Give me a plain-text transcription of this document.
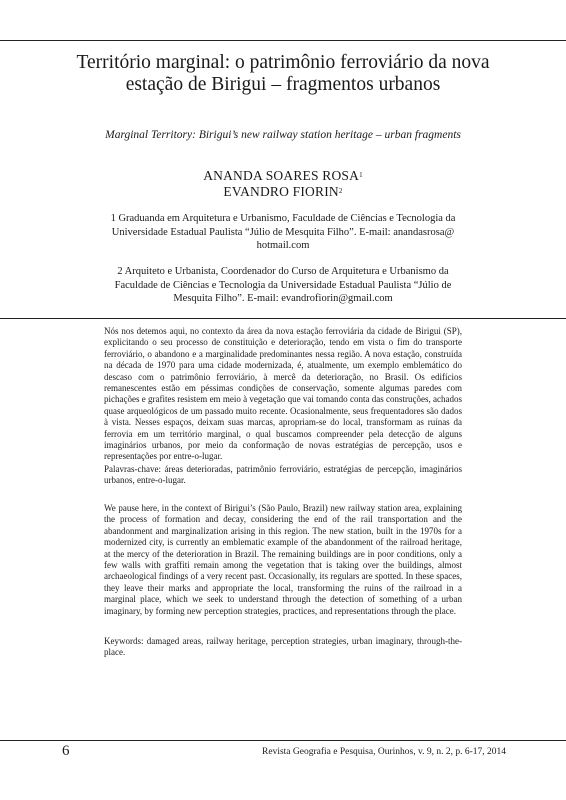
Território marginal: o patrimônio ferroviário da nova estação de Birigui – fragmentos urbanos

Marginal Territory: Birigui’s new railway station heritage – urban fragments

ANANDA SOARES ROSA$^1$
EVANDRO FIORIN$^2$

1 Graduanda em Arquitetura e Urbanismo, Faculdade de Ciências e Tecnologia da Universidade Estadual Paulista “Júlio de Mesquita Filho”. E-mail: anandasrosa@ hotmail.com

2 Arquiteto e Urbanista, Coordenador do Curso de Arquitetura e Urbanismo da Faculdade de Ciências e Tecnologia da Universidade Estadual Paulista “Júlio de Mesquita Filho”. E-mail: evandrofiorin@gmail.com

Nós nos detemos aqui, no contexto da área da nova estação ferroviária da cidade de Birigui (SP), explicitando o seu processo de constituição e deterioração, tendo em vista o fim do transporte ferroviário, o abandono e a marginalidade predominantes nessa região. A nova estação, construída na década de 1970 para uma cidade modernizada, é, atualmente, um exemplo emblemático do descaso com o patrimônio ferroviário, à mercê da deterioração, no Brasil. Os edifícios remanescentes estão em péssimas condições de conservação, somente algumas paredes com pichações e grafites resistem em meio à vegetação que vai tomando conta das construções, achados quase arqueológicos de um passado muito recente. Ocasionalmente, seus frequentadores são dados à vista. Nesses espaços, deixam suas marcas, apropriam-se do local, transformam as ruínas da ferrovia em um território marginal, o qual buscamos compreender pela detecção de alguns imaginários urbanos, por meio da conformação de novas estratégias de percepção, usos e representações por entre-o-lugar.

Palavras-chave: áreas deterioradas, patrimônio ferroviário, estratégias de percepção, imaginários urbanos, entre-o-lugar.

We pause here, in the context of Birigui’s (São Paulo, Brazil) new railway station area, explaining the process of formation and decay, considering the end of the rail transportation and the abandonment and marginalization arising in this region. The new station, built in the 1970s for a modernized city, is currently an emblematic example of the abandonment of the railroad heritage, at the mercy of the deterioration in Brazil. The remaining buildings are in poor conditions, only a few walls with graffiti remain among the vegetation that is taking over the buildings, almost archaeological findings of a very recent past. Occasionally, its regulars are spotted. In these spaces, they leave their marks and appropriate the local, transforming the ruins of the railroad in a marginal place, which we seek to understand through the detection of something of a urban imaginary, by forming new perception strategies, practices, and representations through the place.

Keywords: damaged areas, railway heritage, perception strategies, urban imaginary, through-the-place.

6	Revista Geografia e Pesquisa, Ourinhos, v. 9, n. 2, p. 6-17, 2014
